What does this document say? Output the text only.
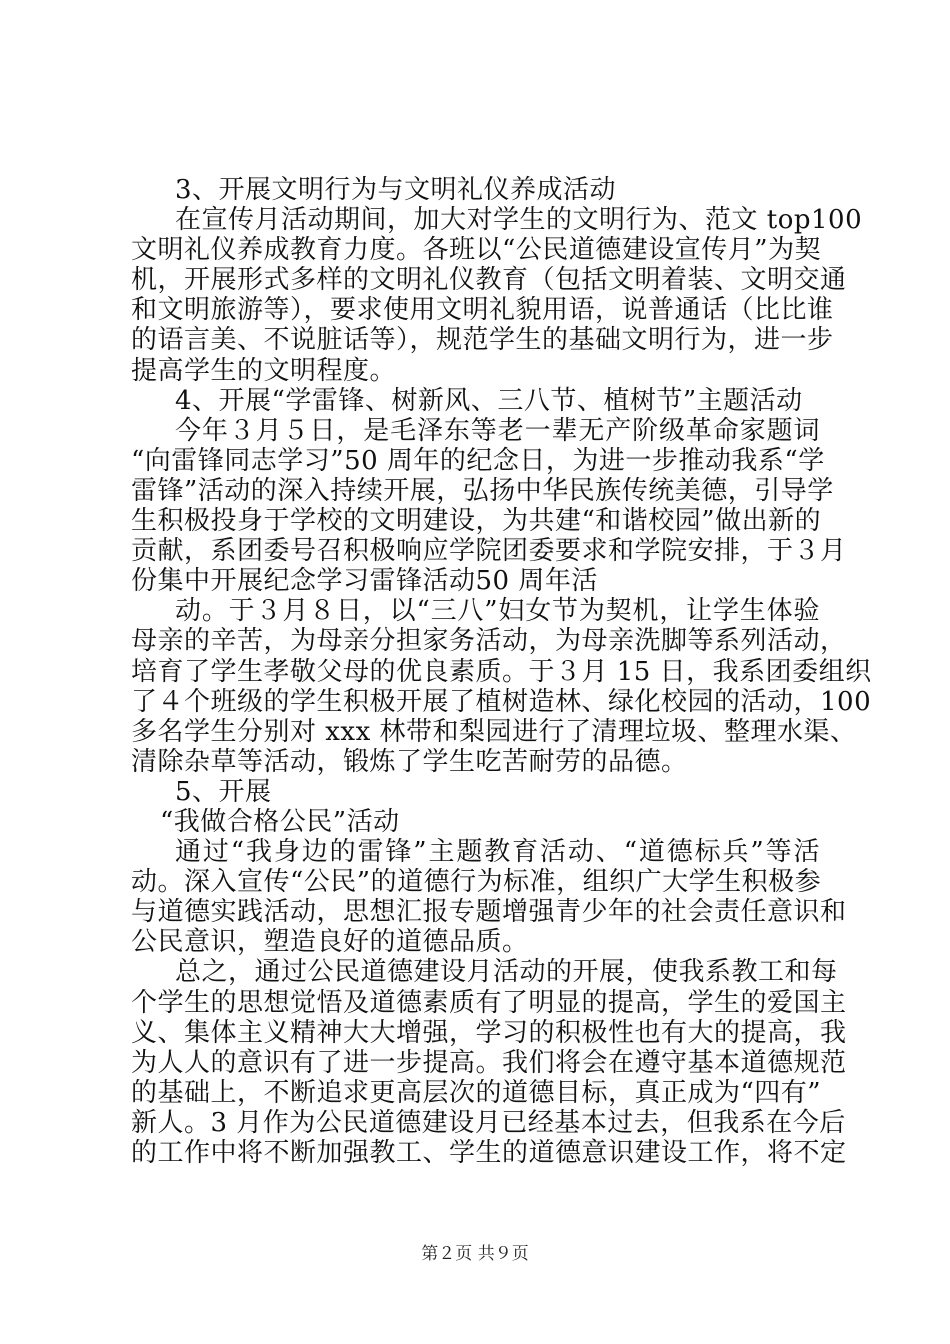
3、开展文明行为与文明礼仪养成活动
在宣传月活动期间，加大对学生的文明行为、范文 top100
文明礼仪养成教育力度。各班以“公民道德建设宣传月”为契
机，开展形式多样的文明礼仪教育（包括文明着装、文明交通
和文明旅游等），要求使用文明礼貌用语，说普通话（比比谁
的语言美、不说脏话等），规范学生的基础文明行为，进一步
提高学生的文明程度。
4、开展“学雷锋、树新风、三八节、植树节”主题活动
今年３月５日，是毛泽东等老一辈无产阶级革命家题词
“向雷锋同志学习”50 周年的纪念日，为进一步推动我系“学
雷锋”活动的深入持续开展，弘扬中华民族传统美德，引导学
生积极投身于学校的文明建设，为共建“和谐校园”做出新的
贡献，系团委号召积极响应学院团委要求和学院安排，于３月
份集中开展纪念学习雷锋活动50 周年活
动。于３月８日，以“三八”妇女节为契机，让学生体验
母亲的辛苦，为母亲分担家务活动，为母亲洗脚等系列活动，
培育了学生孝敬父母的优良素质。于３月 15 日，我系团委组织
了４个班级的学生积极开展了植树造林、绿化校园的活动，100
多名学生分别对 xxx 林带和梨园进行了清理垃圾、整理水渠、
清除杂草等活动，锻炼了学生吃苦耐劳的品德。
5、开展
“我做合格公民”活动
通过“我身边的雷锋”主题教育活动、“道德标兵”等活
动。深入宣传“公民”的道德行为标准，组织广大学生积极参
与道德实践活动，思想汇报专题增强青少年的社会责任意识和
公民意识，塑造良好的道德品质。
总之，通过公民道德建设月活动的开展，使我系教工和每
个学生的思想觉悟及道德素质有了明显的提高，学生的爱国主
义、集体主义精神大大增强，学习的积极性也有大的提高，我
为人人的意识有了进一步提高。我们将会在遵守基本道德规范
的基础上，不断追求更高层次的道德目标，真正成为“四有”
新人。3 月作为公民道德建设月已经基本过去，但我系在今后
的工作中将不断加强教工、学生的道德意识建设工作，将不定
第２页 共９页
